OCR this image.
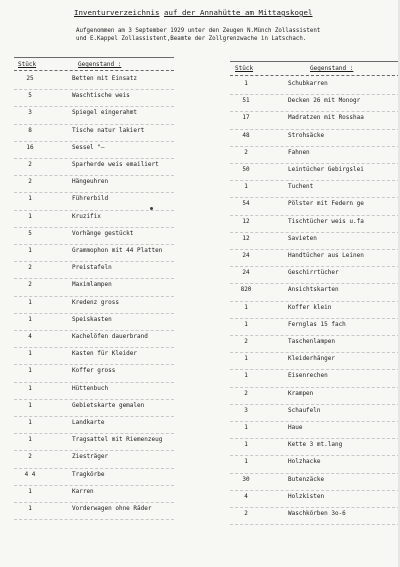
Inventurverzeichnis auf der Annahütte am Mittagskogel
Aufgenommen am 3 September 1929 unter den Zeugen N.Münch Zollassistent
und E.Kappel Zollassistent,Beamte der Zollgrenzwache in Latschach.
Stück	Gegenstand :
Stück	Gegenstand :
25	Betten mit Einsatz
5	Waschtische weis
3	Spiegel eingerahmt
8	Tische natur lakiert
16	Sessel "–
2	Sparherde weis emailiert
2	Hängeuhren
1	Führerbild
1	Kruzifix
5	Vorhänge gestückt
1	Grammophon mit 44 Platten
2	Preistafeln
2	Maximlampen
1	Kredenz gross
1	Speiskasten
4	Kachelöfen dauerbrand
1	Kasten für Kleider
1	Koffer gross
1	Hüttenbuch
1	Gebietskarte gemalen
1	Landkarte
1	Tragsattel mit Riemenzeug
2	Ziesträger
4 4	Tragkörbe
1	Karren
1	Vorderwagen ohne Räder
1	Schubkarren
51	Decken 26 mit Monogr
17	Madratzen mit Rosshaa
48	Strohsäcke
2	Fahnen
50	Leintücher Gebirgslei
1	Tuchent
54	Pölster mit Federn ge
12	Tischtücher weis u.fa
12	Savieten
24	Handtücher aus Leinen
24	Geschirrtücher
820	Ansichtskarten
1	Koffer klein
1	Fernglas 15 fach
2	Taschenlampen
1	Kleiderhänger
1	Eisenrechen
2	Krampen
3	Schaufeln
1	Haue
1	Kette 3 mt.lang
1	Holzhacke
30	Butenzäcke
4	Holzkisten
2	Waschkörben 3o-6
